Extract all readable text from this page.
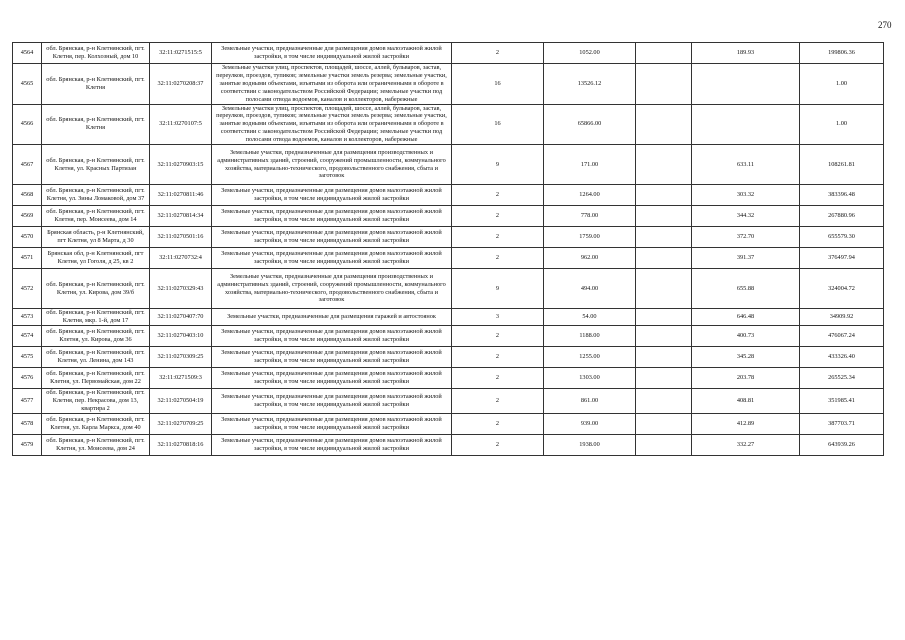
270
4564	обл. Брянская, р-н Клетнянский, пгт. Клетня, пер. Колхозный, дом 10	32:11:0271515:5	Земельные участки, предназначенные для размещения домов малоэтажной жилой застройки, в том числе индивидуальной жилой застройки	2	1052.00		189.93	199806.36
4565	обл. Брянская, р-н Клетнянский, пгт. Клетня	32:11:0270208:37	Земельные участки улиц, проспектов, площадей, шоссе, аллей, бульваров, застав, переулков, проездов, тупиков; земельные участки земель резерва; земельные участки, занятые водными объектами, изъятыми из оборота или ограниченными в обороте в соответствии с законодательством Российской Федерации; земельные участки под полосами отвода водоемов, каналов и коллекторов, набережные	16	13526.12			1.00
4566	обл. Брянская, р-н Клетнянский, пгт. Клетня	32:11:0270107:5	Земельные участки улиц, проспектов, площадей, шоссе, аллей, бульваров, застав, переулков, проездов, тупиков; земельные участки земель резерва; земельные участки, занятые водными объектами, изъятыми из оборота или ограниченными в обороте в соответствии с законодательством Российской Федерации; земельные участки под полосами отвода водоемов, каналов и коллекторов, набережные	16	65866.00			1.00
4567	обл. Брянская, р-н Клетнянский, пгт. Клетня, ул. Красных Партизан	32:11:0270903:15	Земельные участки, предназначенные для размещения производственных и административных зданий, строений, сооружений промышленности, коммунального хозяйства, материально-технического, продовольственного снабжения, сбыта и заготовок	9	171.00		633.11	108261.81
4568	обл. Брянская, р-н Клетнянский, пгт. Клетня, ул. Зины Ломаковой, дом 37	32:11:0270811:46	Земельные участки, предназначенные для размещения домов малоэтажной жилой застройки, в том числе индивидуальной жилой застройки	2	1264.00		303.32	383396.48
4569	обл. Брянская, р-н Клетнянский, пгт. Клетня, пер. Моисеева, дом 14	32:11:0270814:34	Земельные участки, предназначенные для размещения домов малоэтажной жилой застройки, в том числе индивидуальной жилой застройки	2	778.00		344.32	267880.96
4570	Брянская область, р-н Клетнянский, пгт Клетня, ул 8 Марта, д 30	32:11:0270501:16	Земельные участки, предназначенные для размещения домов малоэтажной жилой застройки, в том числе индивидуальной жилой застройки	2	1759.00		372.70	655579.30
4571	Брянская обл, р-н Клетнянский, пгт Клетня, ул Гоголя, д 25, кв 2	32:11:0270732:4	Земельные участки, предназначенные для размещения домов малоэтажной жилой застройки, в том числе индивидуальной жилой застройки	2	962.00		391.37	376497.94
4572	обл. Брянская, р-н Клетнянский, пгт. Клетня, ул. Кирова, дом 39/б	32:11:0270329:43	Земельные участки, предназначенные для размещения производственных и административных зданий, строений, сооружений промышленности, коммунального хозяйства, материально-технического, продовольственного снабжения, сбыта и заготовок	9	494.00		655.88	324004.72
4573	обл. Брянская, р-н Клетнянский, пгт. Клетня, мкр. 1-й, дом 17	32:11:0270407:70	Земельные участки, предназначенные для размещения гаражей и автостоянок	3	54.00		646.48	34909.92
4574	обл. Брянская, р-н Клетнянский, пгт. Клетня, ул. Кирова, дом 36	32:11:0270403:10	Земельные участки, предназначенные для размещения домов малоэтажной жилой застройки, в том числе индивидуальной жилой застройки	2	1188.00		400.73	476067.24
4575	обл. Брянская, р-н Клетнянский, пгт. Клетня, ул. Ленина, дом 143	32:11:0270309:25	Земельные участки, предназначенные для размещения домов малоэтажной жилой застройки, в том числе индивидуальной жилой застройки	2	1255.00		345.28	433326.40
4576	обл. Брянская, р-н Клетнянский, пгт. Клетня, ул. Первомайская, дом 22	32:11:0271509:3	Земельные участки, предназначенные для размещения домов малоэтажной жилой застройки, в том числе индивидуальной жилой застройки	2	1303.00		203.78	265525.34
4577	обл. Брянская, р-н Клетнянский, пгт. Клетня, пер. Некрасова, дом 13, квартира 2	32:11:0270504:19	Земельные участки, предназначенные для размещения домов малоэтажной жилой застройки, в том числе индивидуальной жилой застройки	2	861.00		408.81	351985.41
4578	обл. Брянская, р-н Клетнянский, пгт. Клетня, ул. Карла Маркса, дом 40	32:11:0270709:25	Земельные участки, предназначенные для размещения домов малоэтажной жилой застройки, в том числе индивидуальной жилой застройки	2	939.00		412.89	387703.71
4579	обл. Брянская, р-н Клетнянский, пгт. Клетня, ул. Моисеева, дом 24	32:11:0270818:16	Земельные участки, предназначенные для размещения домов малоэтажной жилой застройки, в том числе индивидуальной жилой застройки	2	1938.00		332.27	643939.26
